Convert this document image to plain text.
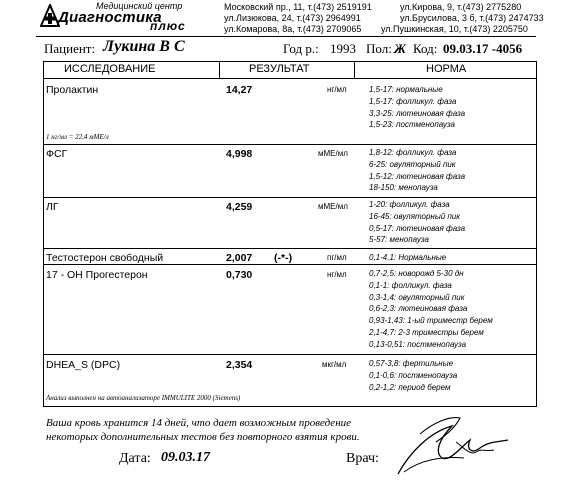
Медицинский центр
Диагностика
плюс
Московский пр., 11, т.(473) 2519191	ул.Кирова, 9, т.(473) 2775280
ул.Лизюкова, 24, т.(473) 2964991	ул.Брусилова, 3 б, т.(473) 2474733
ул.Комарова, 8а, т.(473) 2709065 ул.Пушкинская, 10, т.(473) 2205750
Пациент: Лукина В С	Год р.: 1993 Пол: Ж Код: 09.03.17 -4056
ИССЛЕДОВАНИЕ	РЕЗУЛЬТАТ	НОРМА
Пролактин	14,27	нг/мл
1 нг/мл = 22,4 мМЕ/л
1,5-17: нормальные
1,5-17: фолликул. фаза
3,3-25: лютеиновая фаза
1,5-23: постменопауза
ФСГ	4,998	мМЕ/мл	1,8-12: фолликул. фаза
6-25: овуляторный пик
1,5-12: лютеиновая фаза
18-150: менопауза
ЛГ	4,259	мМЕ/мл	1-20: фолликул. фаза
16-45: овуляторный пик
0,5-17: лютеиновая фаза
5-57: менопауза
Тестостерон свободный	2,007 (-*-)	пг/мл	0,1-4,1: Нормальные
17 - ОН Прогестерон	0,730	нг/мл	0,7-2,5: новорожд 5-30 дн
0,1-1: фолликул. фаза
0,3-1,4: овуляторный пик
0,6-2,3: лютеиновая фаза
0,93-1,43: 1-ый триместр берем
2,1-4,7: 2-3 триместры берем
0,13-0,51: постменопауза
DHEA_S (DPC)	2,354	мкг/мл
Анализ выполнен на автоанализаторе IMMULITE 2000 (Siemens)
0,57-3,8: фертильные
0,1-0,6: постменопауза
0,2-1,2: период берем
Ваша кровь хранится 14 дней, что дает возможным проведение
некоторых дополнительных тестов без повторного взятия крови.
Дата: 09.03.17	Врач:
